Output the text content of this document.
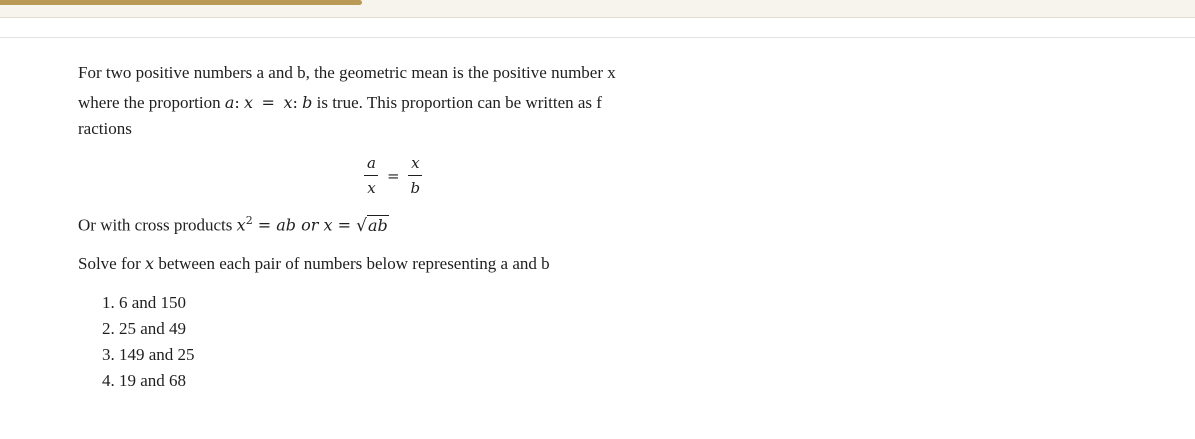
For two positive numbers a and b, the geometric mean is the positive number x
where the proportion a: x = x: b is true. This proportion can be written as f
ractions

$\frac{a}{x} = \frac{x}{b}$
Or with cross products $x^2$ = ab or x = √ab
Solve for x between each pair of numbers below representing a and b
1. 6 and 150
2. 25 and 49
3. 149 and 25
4. 19 and 68
